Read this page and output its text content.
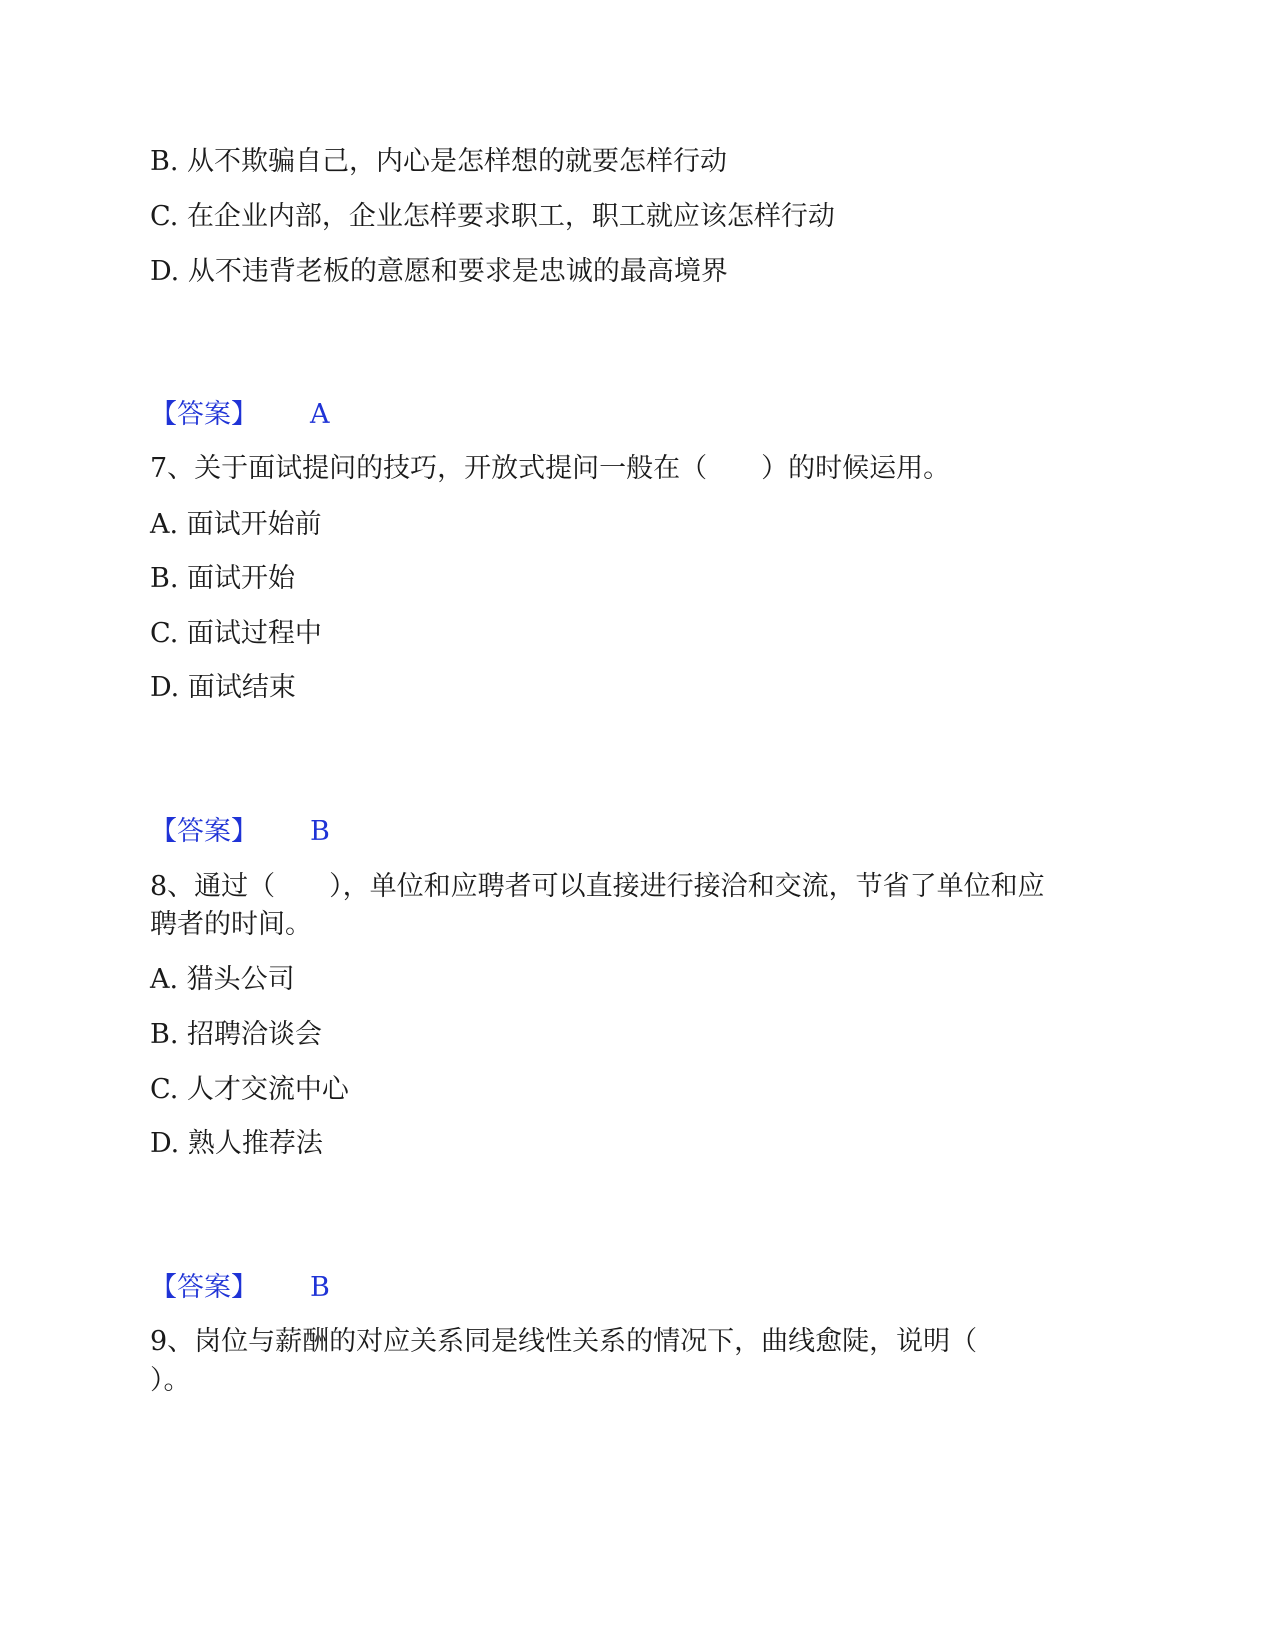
B. 从不欺骗自己，内心是怎样想的就要怎样行动
C. 在企业内部，企业怎样要求职工，职工就应该怎样行动
D. 从不违背老板的意愿和要求是忠诚的最高境界
【答案】 A
7、关于面试提问的技巧，开放式提问一般在（　　）的时候运用。
A. 面试开始前
B. 面试开始
C. 面试过程中
D. 面试结束
【答案】 B
8、通过（　　），单位和应聘者可以直接进行接洽和交流，节省了单位和应
聘者的时间。
A. 猎头公司
B. 招聘洽谈会
C. 人才交流中心
D. 熟人推荐法
【答案】 B
9、岗位与薪酬的对应关系同是线性关系的情况下，曲线愈陡，说明（
）。
